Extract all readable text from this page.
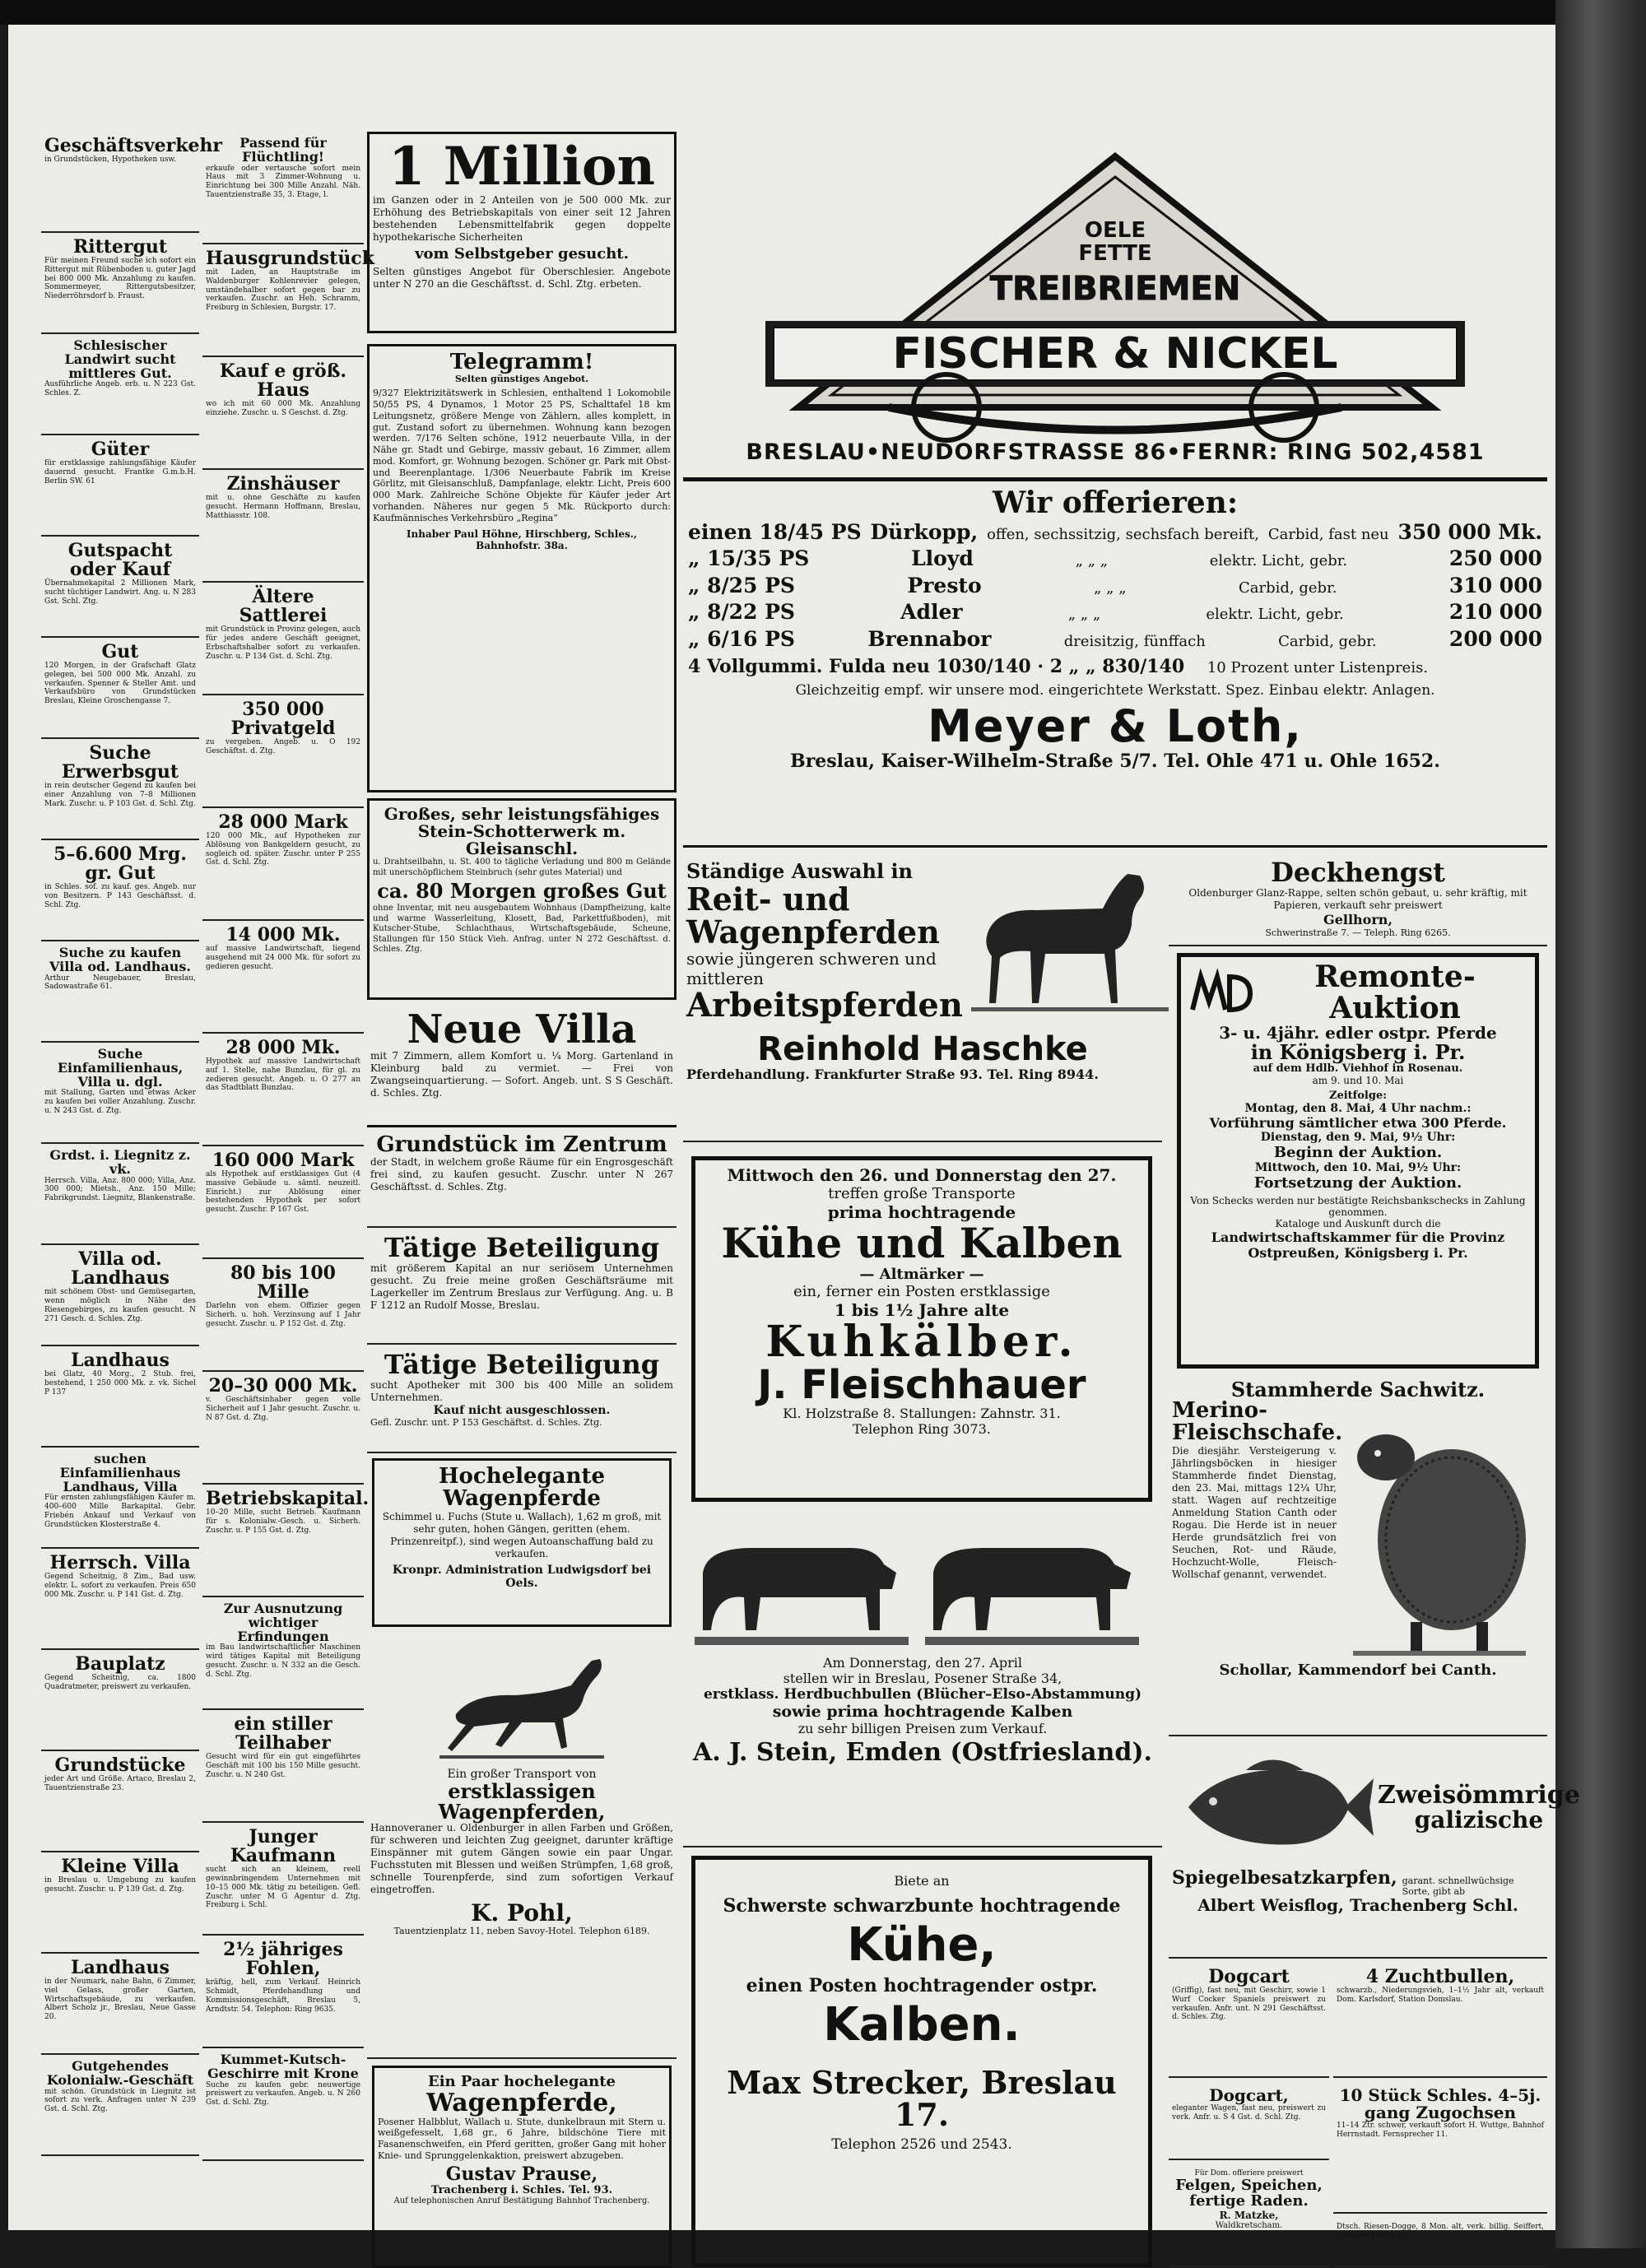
Geschäftsverkehr
in Grundstücken, Hypotheken usw.
Rittergut
Für meinen Freund suche ich sofort ein Rittergut mit Rübenboden u. guter Jagd bei 800 000 Mk. Anzahlung zu kaufen. Sommermeyer, Rittergutsbesitzer, Niederröhrsdorf b. Fraust.
Schlesischer Landwirt sucht mittleres Gut.
Ausführliche Angeb. erb. u. N 223 Gst. Schles. Z.
Güter
für erstklassige zahlungsfähige Käufer dauernd gesucht. Frantke G.m.b.H. Berlin SW. 61
Gutspacht oder Kauf
Übernahmekapital 2 Millionen Mark, sucht tüchtiger Landwirt. Ang. u. N 283 Gst. Schl. Ztg.
Gut
120 Morgen, in der Grafschaft Glatz gelegen, bei 500 000 Mk. Anzahl. zu verkaufen. Spenner & Steller Amt. und Verkaufsbüro von Grundstücken Breslau, Kleine Groschengasse 7.
Suche Erwerbsgut
in rein deutscher Gegend zu kaufen bei einer Anzahlung von 7–8 Millionen Mark. Zuschr. u. P 103 Gst. d. Schl. Ztg.
5–6.600 Mrg. gr. Gut
in Schles. sof. zu kauf. ges. Angeb. nur von Besitzern. P 143 Geschäftsst. d. Schl. Ztg.
Suche zu kaufen Villa od. Landhaus.
Arthur Neugebauer, Breslau, Sadowastraße 61.
Suche Einfamilienhaus, Villa u. dgl.
mit Stallung, Garten und etwas Acker zu kaufen bei voller Anzahlung. Zuschr. u. N 243 Gst. d. Ztg.
Grdst. i. Liegnitz z. vk.
Herrsch. Villa, Anz. 800 000; Villa, Anz. 300 000; Mietsh., Anz. 150 Mille; Fabrikgrundst. Liegnitz, Blankenstraße.
Villa od. Landhaus
mit schönem Obst- und Gemüsegarten, wenn möglich in Nähe des Riesengebirges, zu kaufen gesucht. N 271 Gesch. d. Schles. Ztg.
Landhaus
bei Glatz, 40 Morg., 2 Stub. frei, bestehend, 1 250 000 Mk. z. vk. Sichel P 137
suchen Einfamilienhaus Landhaus, Villa
Für ernsten zahlungsfähigen Käufer m. 400–600 Mille Barkapital. Gebr. Friebén Ankauf und Verkauf von Grundstücken Klosterstraße 4.
Herrsch. Villa
Gegend Scheitnig, 8 Zim., Bad usw. elektr. L. sofort zu verkaufen. Preis 650 000 Mk. Zuschr. u. P 141 Gst. d. Ztg.
Bauplatz
Gegend Scheitnig, ca. 1800 Quadratmeter, preiswert zu verkaufen.
Grundstücke
jeder Art und Größe. Artaco, Breslau 2, Tauentzienstraße 23.
Kleine Villa
in Breslau u. Umgebung zu kaufen gesucht. Zuschr. u. P 139 Gst. d. Ztg.
Landhaus
in der Neumark, nahe Bahn, 6 Zimmer, viel Gelass, großer Garten, Wirtschaftsgebäude, zu verkaufen. Albert Scholz jr., Breslau, Neue Gasse 20.
Gutgehendes Kolonialw.-Geschäft
mit schön. Grundstück in Liegnitz ist sofort zu verk. Anfragen unter N 239 Gst. d. Schl. Ztg.
Passend für Flüchtling!
erkaufe oder vertausche sofort mein Haus mit 3 Zimmer-Wohnung u. Einrichtung bei 300 Mille Anzahl. Näh. Tauentzienstraße 35, 3. Etage, l.
Hausgrundstück
mit Laden, an Hauptstraße im Waldenburger Kohlenrevier gelegen, umständehalber sofort gegen bar zu verkaufen. Zuschr. an Heh. Schramm, Freiburg in Schlesien, Burgstr. 17.
Kauf e größ. Haus
wo ich mit 60 000 Mk. Anzahlung einziehe. Zuschr. u. S Geschst. d. Ztg.
Zinshäuser
mit u. ohne Geschäfte zu kaufen gesucht. Hermann Hoffmann, Breslau, Matthiasstr. 108.
Ältere Sattlerei
mit Grundstück in Provinz gelegen, auch für jedes andere Geschäft geeignet, Erbschaftshalber sofort zu verkaufen. Zuschr. u. P 134 Gst. d. Schl. Ztg.
350 000 Privatgeld
zu vergeben. Angeb. u. O 192 Geschäftst. d. Ztg.
28 000 Mark
120 000 Mk., auf Hypotheken zur Ablösung von Bankgeldern gesucht, zu sogleich od. später. Zuschr. unter P 255 Gst. d. Schl. Ztg.
14 000 Mk.
auf massive Landwirtschaft, liegend ausgehend mit 24 000 Mk. für sofort zu gedieren gesucht.
28 000 Mk.
Hypothek auf massive Landwirtschaft auf 1. Stelle, nahe Bunzlau, für gl. zu zedieren gesucht. Angeb. u. O 277 an das Stadtblatt Bunzlau.
160 000 Mark
als Hypothek auf erstklassiges Gut (4 massive Gebäude u. sämtl. neuzeitl. Einricht.) zur Ablösung einer bestehenden Hypothek per sofort gesucht. Zuschr. P 167 Gst.
80 bis 100 Mille
Darlehn von ehem. Offizier gegen Sicherh. u. hoh. Verzinsung auf 1 Jahr gesucht. Zuschr. u. P 152 Gst. d. Ztg.
20–30 000 Mk.
v. Geschäftsinhaber gegen volle Sicherheit auf 1 Jahr gesucht. Zuschr. u. N 87 Gst. d. Ztg.
Betriebskapital.
10–20 Mille, sucht Betrieb. Kaufmann für s. Kolonialw.-Gesch. u. Sicherh. Zuschr. u. P 155 Gst. d. Ztg.
Zur Ausnutzung wichtiger Erfindungen
im Bau landwirtschaftlicher Maschinen wird tätiges Kapital mit Beteiligung gesucht. Zuschr. u. N 332 an die Gesch. d. Schl. Ztg.
ein stiller Teilhaber
Gesucht wird für ein gut eingeführtes Geschäft mit 100 bis 150 Mille gesucht. Zuschr. u. N 240 Gst.
Junger Kaufmann
sucht sich an kleinem, reell gewinnbringendem Unternehmen mit 10–15 000 Mk. tätig zu beteiligen. Gefl. Zuschr. unter M G Agentur d. Ztg. Freiburg i. Schl.
2½ jähriges Fohlen,
kräftig, hell, zum Verkauf. Heinrich Schmidt, Pferdehandlung und Kommissionsgeschäft, Breslau 5, Arndtstr. 54. Telephon: Ring 9635.
Kummet-Kutsch-Geschirre mit Krone
Suche zu kaufen gebr. neuwertige preiswert zu verkaufen. Angeb. u. N 260 Gst. d. Schl. Ztg.
1 Million
im Ganzen oder in 2 Anteilen von je 500 000 Mk. zur Erhöhung des Betriebskapitals von einer seit 12 Jahren bestehenden Lebensmittelfabrik gegen doppelte hypothekarische Sicherheiten
vom Selbstgeber gesucht.
Selten günstiges Angebot für Oberschlesier. Angebote unter N 270 an die Geschäftsst. d. Schl. Ztg. erbeten.
Telegramm!
Selten günstiges Angebot.
9/327 Elektrizitätswerk in Schlesien, enthaltend 1 Lokomobile 50/55 PS, 4 Dynamos, 1 Motor 25 PS, Schalttafel 18 km Leitungsnetz, größere Menge von Zählern, alles komplett, in gut. Zustand sofort zu übernehmen. Wohnung kann bezogen werden. 7/176 Selten schöne, 1912 neuerbaute Villa, in der Nähe gr. Stadt und Gebirge, massiv gebaut, 16 Zimmer, allem mod. Komfort, gr. Wohnung bezogen. Schöner gr. Park mit Obst- und Beerenplantage. 1/306 Neuerbaute Fabrik im Kreise Görlitz, mit Gleisanschluß, Dampfanlage, elektr. Licht, Preis 600 000 Mark. Zahlreiche Schöne Objekte für Käufer jeder Art vorhanden. Näheres nur gegen 5 Mk. Rückporto durch: Kaufmännisches Verkehrsbüro „Regina“
Inhaber Paul Höhne, Hirschberg, Schles., Bahnhofstr. 38a.
Großes, sehr leistungsfähiges Stein-Schotterwerk m. Gleisanschl.
u. Drahtseilbahn, u. St. 400 to tägliche Verladung und 800 m Gelände mit unerschöpflichem Steinbruch (sehr gutes Material) und
ca. 80 Morgen großes Gut
ohne Inventar, mit neu ausgebautem Wohnhaus (Dampfheizung, kalte und warme Wasserleitung, Klosett, Bad, Parkettfußboden), mit Kutscher-Stube, Schlachthaus, Wirtschaftsgebäude, Scheune, Stallungen für 150 Stück Vieh. Anfrag. unter N 272 Geschäftsst. d. Schles. Ztg.
Neue Villa
mit 7 Zimmern, allem Komfort u. ¼ Morg. Gartenland in Kleinburg bald zu vermiet. — Frei von Zwangseinquartierung. — Sofort. Angeb. unt. S S Geschäft. d. Schles. Ztg.
Grundstück im Zentrum
der Stadt, in welchem große Räume für ein Engrosgeschäft frei sind, zu kaufen gesucht. Zuschr. unter N 267 Geschäftsst. d. Schles. Ztg.
Tätige Beteiligung
mit größerem Kapital an nur seriösem Unternehmen gesucht. Zu freie meine großen Geschäftsräume mit Lagerkeller im Zentrum Breslaus zur Verfügung. Ang. u. B F 1212 an Rudolf Mosse, Breslau.
Tätige Beteiligung
sucht Apotheker mit 300 bis 400 Mille an solidem Unternehmen.
Kauf nicht ausgeschlossen.
Gefl. Zuschr. unt. P 153 Geschäftst. d. Schles. Ztg.
Hochelegante Wagenpferde
Schimmel u. Fuchs (Stute u. Wallach), 1,62 m groß, mit sehr guten, hohen Gängen, geritten (ehem. Prinzenreitpf.), sind wegen Autoanschaffung bald zu verkaufen.
Kronpr. Administration Ludwigsdorf bei Oels.
Ein großer Transport von
erstklassigen Wagenpferden,
Hannoveraner u. Oldenburger in allen Farben und Größen, für schweren und leichten Zug geeignet, darunter kräftige Einspänner mit gutem Gängen sowie ein paar Ungar. Fuchsstuten mit Blessen und weißen Strümpfen, 1,68 groß, schnelle Tourenpferde, sind zum sofortigen Verkauf eingetroffen.
K. Pohl,
Tauentzienplatz 11, neben Savoy-Hotel. Telephon 6189.
Ein Paar hochelegante
Wagenpferde,
Posener Halbblut, Wallach u. Stute, dunkelbraun mit Stern u. weißgefesselt, 1,68 gr., 6 Jahre, bildschöne Tiere mit Fasanenschweifen, ein Pferd geritten, großer Gang mit hoher Knie- und Sprunggelenkaktion, preiswert abzugeben.
Gustav Prause,
Trachenberg i. Schles. Tel. 93.
Auf telephonischen Anruf Bestätigung Bahnhof Trachenberg.
OELE
FETTE
TREIBRIEMEN
FISCHER & NICKEL
BRESLAU•NEUDORFSTRASSE 86•FERNR: RING 502,4581
Wir offerieren:
einen 18/45 PS Dürkopp, offen, sechssitzig, sechsfach bereift, Carbid, fast neu 350 000 Mk.
„ 15/35 PS	Lloyd	„ „ „	elektr. Licht, gebr.	250 000
„ 8/25 PS	Presto	„ „ „	Carbid, gebr.	310 000
„ 8/22 PS	Adler	„ „ „	elektr. Licht, gebr.	210 000
„ 6/16 PS	Brennabor	dreisitzig, fünffach	Carbid, gebr.	200 000
4 Vollgummi. Fulda neu 1030/140 · 2 „ „ 830/140 10 Prozent unter Listenpreis.
Gleichzeitig empf. wir unsere mod. eingerichtete Werkstatt. Spez. Einbau elektr. Anlagen.
Meyer & Loth,
Breslau, Kaiser-Wilhelm-Straße 5/7. Tel. Ohle 471 u. Ohle 1652.
Ständige Auswahl in
Reit- und Wagenpferden
sowie jüngeren schweren und mittleren
Arbeitspferden
Reinhold Haschke
Pferdehandlung. Frankfurter Straße 93. Tel. Ring 8944.
Deckhengst
Oldenburger Glanz-Rappe, selten schön gebaut, u. sehr kräftig, mit Papieren, verkauft sehr preiswert
Gellhorn,
Schwerinstraße 7. — Teleph. Ring 6265.
Remonte-Auktion
3- u. 4jähr. edler ostpr. Pferde
in Königsberg i. Pr.
auf dem Hdlb. Viehhof in Rosenau.
am 9. und 10. Mai
Zeitfolge:
Montag, den 8. Mai, 4 Uhr nachm.:
Vorführung sämtlicher etwa 300 Pferde.
Dienstag, den 9. Mai, 9½ Uhr:
Beginn der Auktion.
Mittwoch, den 10. Mai, 9½ Uhr:
Fortsetzung der Auktion.
Von Schecks werden nur bestätigte Reichsbankschecks in Zahlung genommen.
Kataloge und Auskunft durch die
Landwirtschaftskammer für die Provinz Ostpreußen, Königsberg i. Pr.
Mittwoch den 26. und Donnerstag den 27.
treffen große Transporte
prima hochtragende
Kühe und Kalben
— Altmärker —
ein, ferner ein Posten erstklassige
1 bis 1½ Jahre alte
Kuhkälber.
J. Fleischhauer
Kl. Holzstraße 8. Stallungen: Zahnstr. 31.
Telephon Ring 3073.
Am Donnerstag, den 27. April
stellen wir in Breslau, Posener Straße 34,
erstklass. Herdbuchbullen (Blücher–Elso-Abstammung)
sowie prima hochtragende Kalben
zu sehr billigen Preisen zum Verkauf.
A. J. Stein, Emden (Ostfriesland).
Biete an
Schwerste schwarzbunte hochtragende
Kühe,
einen Posten hochtragender ostpr.
Kalben.
Max Strecker, Breslau 17.
Telephon 2526 und 2543.
Stammherde Sachwitz.
Merino-Fleischschafe.
Die diesjähr. Versteigerung v. Jährlingsböcken in hiesiger Stammherde findet Dienstag, den 23. Mai, mittags 12¼ Uhr, statt. Wagen auf rechtzeitige Anmeldung Station Canth oder Rogau. Die Herde ist in neuer Herde grundsätzlich frei von Seuchen, Rot- und Räude, Hochzucht-Wolle, Fleisch-Wollschaf genannt, verwendet.
Schollar, Kammendorf bei Canth.
Zweisömmrige
galizische
Spiegelbesatzkarpfen, garant. schnellwüchsige Sorte, gibt ab
Albert Weisflog, Trachenberg Schl.
Dogcart
(Griffig), fast neu, mit Geschirr, sowie 1 Wurf Cocker Spaniels preiswert zu verkaufen. Anfr. unt. N 291 Geschäftsst. d. Schles. Ztg.
4 Zuchtbullen,
schwarzb., Niederungsvieh, 1–1½ Jahr alt, verkauft Dom. Karlsdorf, Station Domslau.
Dogcart,
eleganter Wagen, fast neu, preiswert zu verk. Anfr. u. S 4 Gst. d. Schl. Ztg.
10 Stück Schles. 4–5j. gang Zugochsen
11–14 Ztr. schwer, verkauft sofort H. Wuttge, Bahnhof Herrnstadt. Fernsprecher 11.
Für Dom. offeriere preiswert
Felgen, Speichen, fertige Raden.
R. Matzke,
Waldkretscham.	Dtsch. Riesen-Dogge, 8 Mon. alt, verk. billig. Seiffert, Berliner-Straße 67.
